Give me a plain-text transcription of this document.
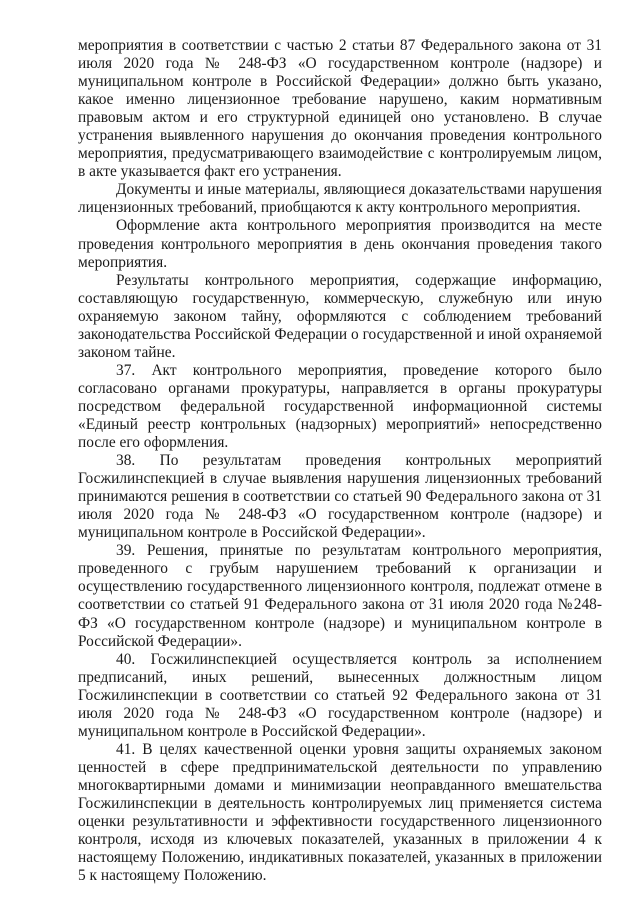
мероприятия в соответствии с частью 2 статьи 87 Федерального закона от 31 июля 2020 года № 248-ФЗ «О государственном контроле (надзоре) и муниципальном контроле в Российской Федерации» должно быть указано, какое именно лицензионное требование нарушено, каким нормативным правовым актом и его структурной единицей оно установлено. В случае устранения выявленного нарушения до окончания проведения контрольного мероприятия, предусматривающего взаимодействие с контролируемым лицом, в акте указывается факт его устранения.

Документы и иные материалы, являющиеся доказательствами нарушения лицензионных требований, приобщаются к акту контрольного мероприятия.

Оформление акта контрольного мероприятия производится на месте проведения контрольного мероприятия в день окончания проведения такого мероприятия.

Результаты контрольного мероприятия, содержащие информацию, составляющую государственную, коммерческую, служебную или иную охраняемую законом тайну, оформляются с соблюдением требований законодательства Российской Федерации о государственной и иной охраняемой законом тайне.

37. Акт контрольного мероприятия, проведение которого было согласовано органами прокуратуры, направляется в органы прокуратуры посредством федеральной государственной информационной системы «Единый реестр контрольных (надзорных) мероприятий» непосредственно после его оформления.

38. По результатам проведения контрольных мероприятий Госжилинспекцией в случае выявления нарушения лицензионных требований принимаются решения в соответствии со статьей 90 Федерального закона от 31 июля 2020 года № 248-ФЗ «О государственном контроле (надзоре) и муниципальном контроле в Российской Федерации».

39. Решения, принятые по результатам контрольного мероприятия, проведенного с грубым нарушением требований к организации и осуществлению государственного лицензионного контроля, подлежат отмене в соответствии со статьей 91 Федерального закона от 31 июля 2020 года №248-ФЗ «О государственном контроле (надзоре) и муниципальном контроле в Российской Федерации».

40. Госжилинспекцией осуществляется контроль за исполнением предписаний, иных решений, вынесенных должностным лицом Госжилинспекции в соответствии со статьей 92 Федерального закона от 31 июля 2020 года № 248-ФЗ «О государственном контроле (надзоре) и муниципальном контроле в Российской Федерации».

41. В целях качественной оценки уровня защиты охраняемых законом ценностей в сфере предпринимательской деятельности по управлению многоквартирными домами и минимизации неоправданного вмешательства Госжилинспекции в деятельность контролируемых лиц применяется система оценки результативности и эффективности государственного лицензионного контроля, исходя из ключевых показателей, указанных в приложении 4 к настоящему Положению, индикативных показателей, указанных в приложении 5 к настоящему Положению.
